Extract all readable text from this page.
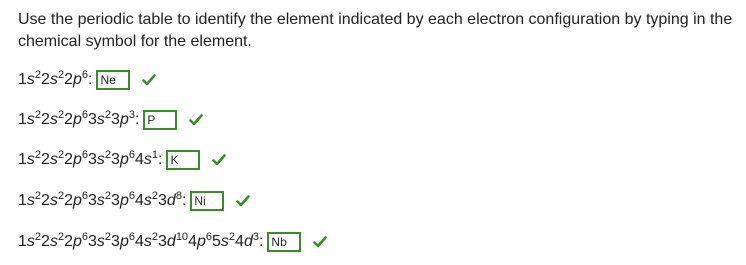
Use the periodic table to identify the element indicated by each electron configuration by typing in the chemical symbol for the element.

$1s^22s^22p^6$ :
Ne
$1s^22s^22p^63s^23p^3$ :
P
$1s^22s^22p^63s^23p^64s^1$ :
K
$1s^22s^22p^63s^23p^64s^23d^8$ :
Ni
$1s^22s^22p^63s^23p^64s^23d^{10}4p^65s^24d^3$ :
Nb
